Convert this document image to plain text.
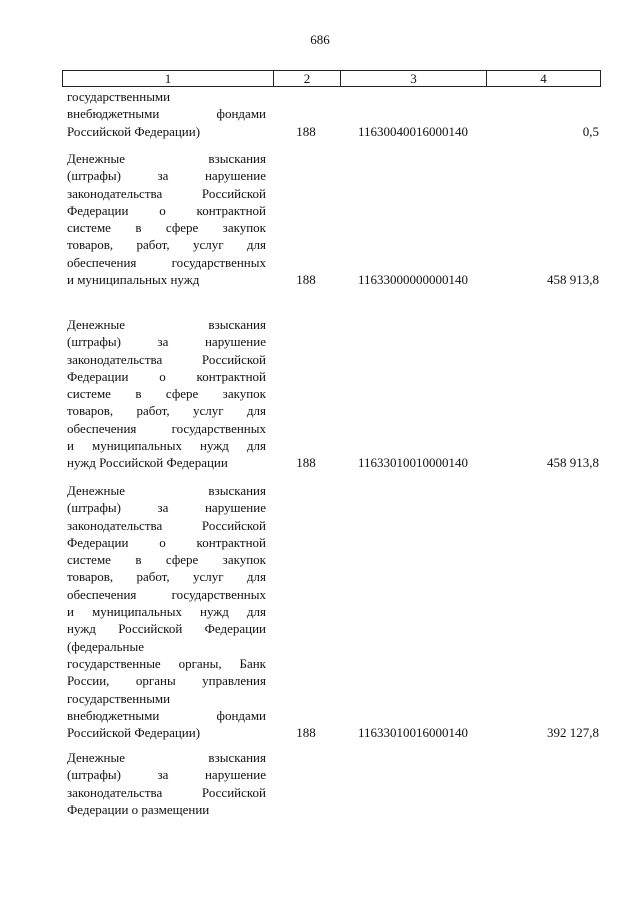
686
1	2	3	4
государственными
внебюджетными фондами
Российской Федерации)	188	11630040016000140	0,5
Денежные взыскания
(штрафы) за нарушение
законодательства Российской
Федерации о контрактной
системе в сфере закупок
товаров, работ, услуг для
обеспечения государственных
и муниципальных нужд	188	11633000000000140	458 913,8
Денежные взыскания
(штрафы) за нарушение
законодательства Российской
Федерации о контрактной
системе в сфере закупок
товаров, работ, услуг для
обеспечения государственных
и муниципальных нужд для
нужд Российской Федерации	188	11633010010000140	458 913,8
Денежные взыскания
(штрафы) за нарушение
законодательства Российской
Федерации о контрактной
системе в сфере закупок
товаров, работ, услуг для
обеспечения государственных
и муниципальных нужд для
нужд Российской Федерации
(федеральные
государственные органы, Банк
России, органы управления
государственными
внебюджетными фондами
Российской Федерации)	188	11633010016000140	392 127,8
Денежные взыскания
(штрафы) за нарушение
законодательства Российской
Федерации о размещении
